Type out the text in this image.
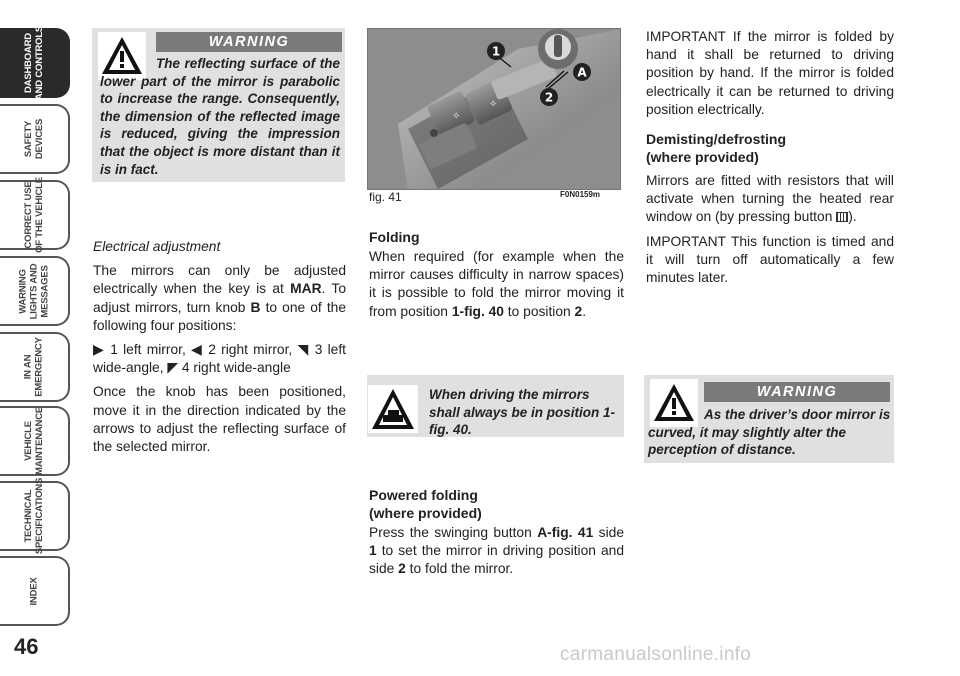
DASHBOARD
AND CONTROLS
SAFETY
DEVICES
CORRECT USE
OF THE VEHICLE
WARNING
LIGHTS AND
MESSAGES
IN AN
EMERGENCY
VEHICLE
MAINTENANCE
TECHNICAL
SPECIFICATIONS
INDEX
46
WARNING
The reflecting surface of the lower part of the mirror is parabolic to increase the range. Consequently, the dimension of the reflected image is reduced, giving the impression that the object is more distant than it is in fact.

Electrical adjustment

The mirrors can only be adjusted electrically when the key is at MAR. To adjust mirrors, turn knob B to one of the following four positions:

▶ 1 left mirror, ◀ 2 right mirror, ◥ 3 left wide-angle, ◤ 4 right wide-angle

Once the knob has been positioned, move it in the direction indicated by the arrows to adjust the reflecting surface of the selected mirror.

✧
✧
1
A
2
fig. 41	F0N0159m
Folding

When required (for example when the mirror causes difficulty in narrow spaces) it is possible to fold the mirror moving it from position 1-fig. 40 to position 2.

When driving the mirrors shall always be in position 1-fig. 40.
Powered folding
(where provided)

Press the swinging button A-fig. 41 side 1 to set the mirror in driving position and side 2 to fold the mirror.

IMPORTANT If the mirror is folded by hand it shall be returned to driving position by hand. If the mirror is folded electrically it can be returned to driving position electrically.
Demisting/defrosting
(where provided)

Mirrors are fitted with resistors that will activate when turning the heated rear window on (by pressing button ).

IMPORTANT This function is timed and it will turn off automatically a few minutes later.

WARNING
As the driver’s door mirror is curved, it may slightly alter the perception of distance.
carmanualsonline.info
